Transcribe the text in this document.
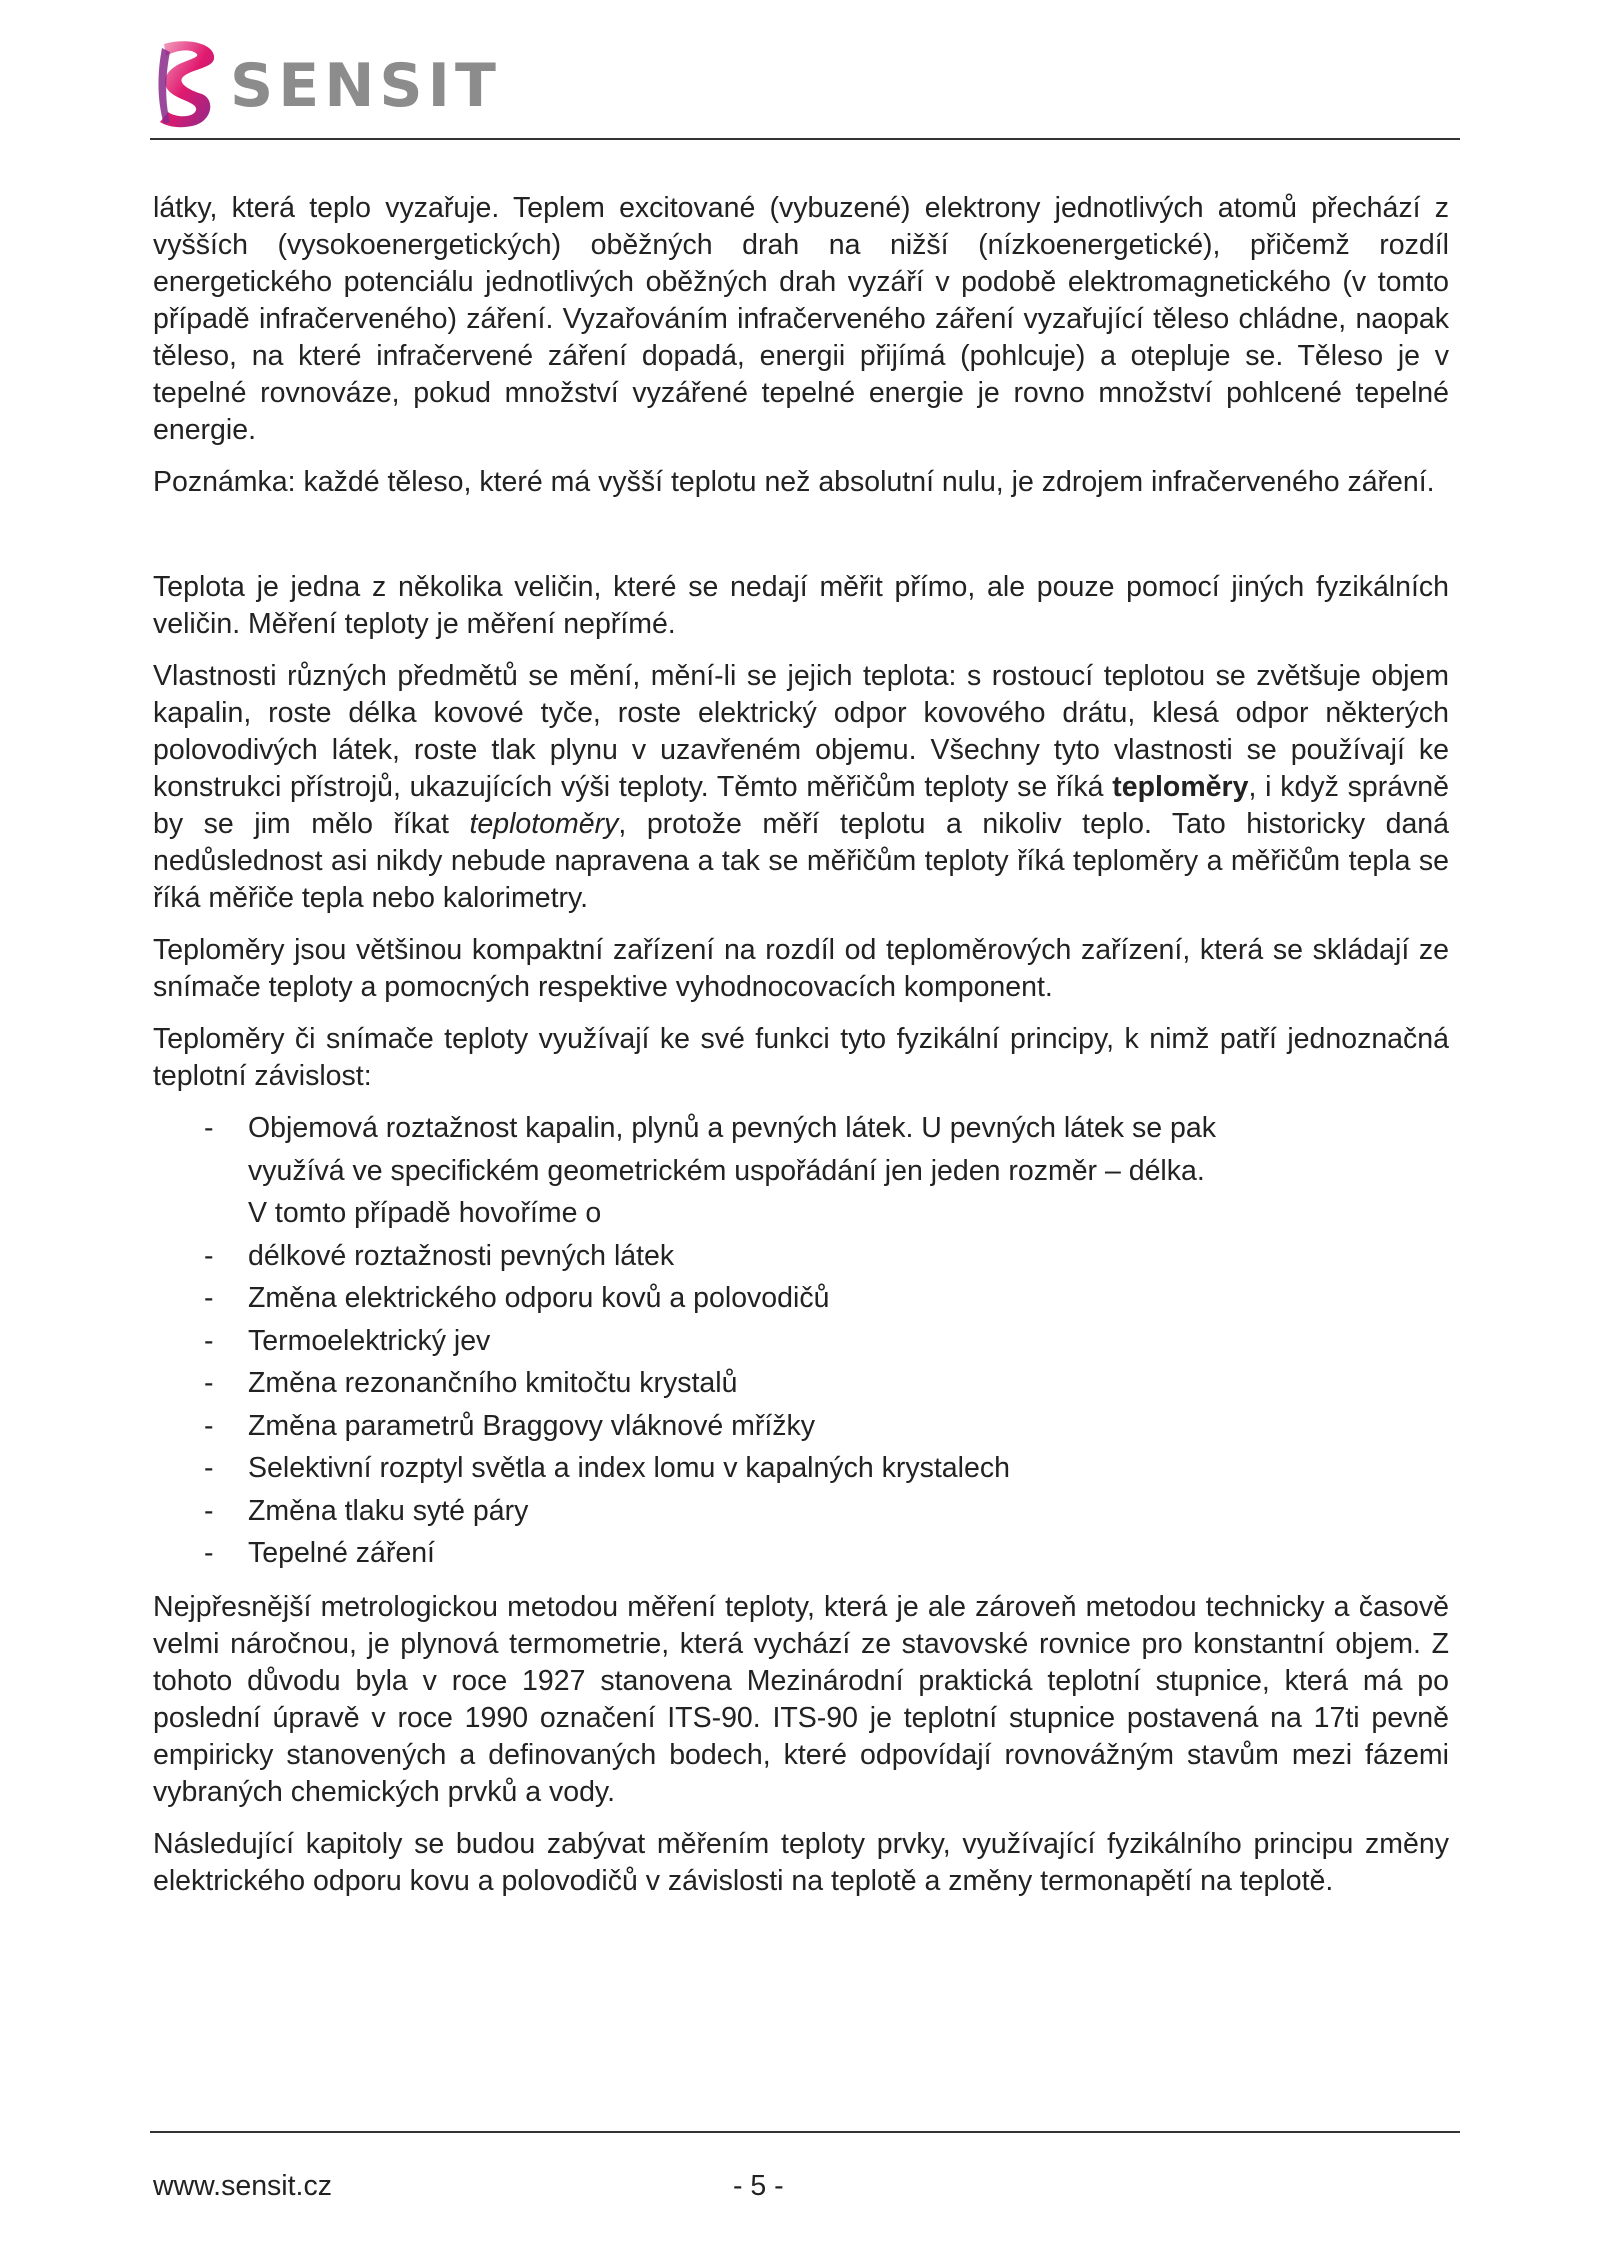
SENSIT

látky, která teplo vyzařuje. Teplem excitované (vybuzené) elektrony jednotlivých atomů přechází z vyšších (vysokoenergetických) oběžných drah na nižší (nízkoenergetické), přičemž rozdíl energetického potenciálu jednotlivých oběžných drah vyzáří v podobě elektromagnetického (v tomto případě infračerveného) záření. Vyzařováním infračerveného záření vyzařující těleso chládne, naopak těleso, na které infračervené záření dopadá, energii přijímá (pohlcuje) a otepluje se. Těleso je v tepelné rovnováze, pokud množství vyzářené tepelné energie je rovno množství pohlcené tepelné energie.

Poznámka: každé těleso, které má vyšší teplotu než absolutní nulu, je zdrojem infračerveného záření.

Teplota je jedna z několika veličin, které se nedají měřit přímo, ale pouze pomocí jiných fyzikálních veličin. Měření teploty je měření nepřímé.

Vlastnosti různých předmětů se mění, mění-li se jejich teplota: s rostoucí teplotou se zvětšuje objem kapalin, roste délka kovové tyče, roste elektrický odpor kovového drátu, klesá odpor některých polovodivých látek, roste tlak plynu v uzavřeném objemu. Všechny tyto vlastnosti se používají ke konstrukci přístrojů, ukazujících výši teploty. Těmto měřičům teploty se říká teploměry, i když správně by se jim mělo říkat teplotoměry, protože měří teplotu a nikoliv teplo. Tato historicky daná nedůslednost asi nikdy nebude napravena a tak se měřičům teploty říká teploměry a měřičům tepla se říká měřiče tepla nebo kalorimetry.

Teploměry jsou většinou kompaktní zařízení na rozdíl od teploměrových zařízení, která se skládají ze snímače teploty a pomocných respektive vyhodnocovacích komponent.

Teploměry či snímače teploty využívají ke své funkci tyto fyzikální principy, k nimž patří jednoznačná teplotní závislost:

- Objemová roztažnost kapalin, plynů a pevných látek. U pevných látek se pak
využívá ve specifickém geometrickém uspořádání jen jeden rozměr – délka.
V tomto případě hovoříme o
- délkové roztažnosti pevných látek
- Změna elektrického odporu kovů a polovodičů
- Termoelektrický jev
- Změna rezonančního kmitočtu krystalů
- Změna parametrů Braggovy vláknové mřížky
- Selektivní rozptyl světla a index lomu v kapalných krystalech
- Změna tlaku syté páry
- Tepelné záření

Nejpřesnější metrologickou metodou měření teploty, která je ale zároveň metodou technicky a časově velmi náročnou, je plynová termometrie, která vychází ze stavovské rovnice pro konstantní objem. Z tohoto důvodu byla v roce 1927 stanovena Mezinárodní praktická teplotní stupnice, která má po poslední úpravě v roce 1990 označení ITS-90. ITS-90 je teplotní stupnice postavená na 17ti pevně empiricky stanovených a definovaných bodech, které odpovídají rovnovážným stavům mezi fázemi vybraných chemických prvků a vody.

Následující kapitoly se budou zabývat měřením teploty prvky, využívající fyzikálního principu změny elektrického odporu kovu a polovodičů v závislosti na teplotě a změny termonapětí na teplotě.

www.sensit.cz	- 5 -
